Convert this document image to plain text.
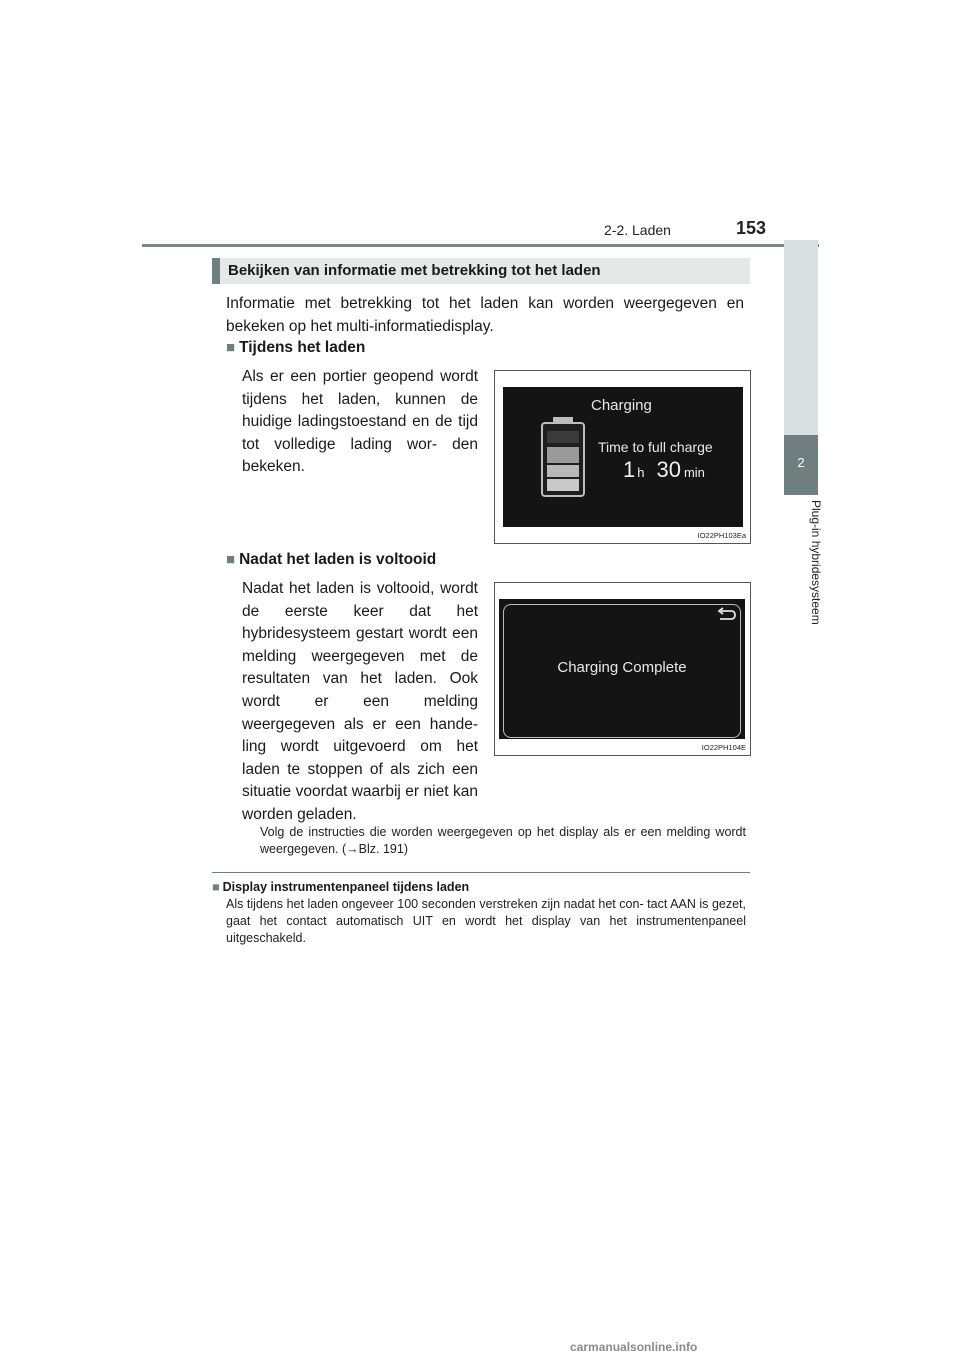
2-2. Laden	153
2
Plug-in hybridesysteem
Bekijken van informatie met betrekking tot het laden
Informatie met betrekking tot het laden kan worden weergegeven en bekeken op het multi-informatiedisplay.
■ Tijdens het laden
Als er een portier geopend wordt tijdens het laden, kunnen de huidige ladingstoestand en de tijd tot volledige lading wor- den bekeken.
Charging
Time to full charge
1 h 30 min
IO22PH103Ea
■ Nadat het laden is voltooid
Nadat het laden is voltooid, wordt de eerste keer dat het hybridesysteem gestart wordt een melding weergegeven met de resultaten van het laden. Ook wordt er een melding weergegeven als er een hande- ling wordt uitgevoerd om het laden te stoppen of als zich een situatie voordat waarbij er niet kan worden geladen.
Charging Complete
IO22PH104E
Volg de instructies die worden weergegeven op het display als er een melding wordt weergegeven. (→Blz. 191)
■ Display instrumentenpaneel tijdens laden
Als tijdens het laden ongeveer 100 seconden verstreken zijn nadat het con- tact AAN is gezet, gaat het contact automatisch UIT en wordt het display van het instrumentenpaneel uitgeschakeld.
carmanualsonline.info
